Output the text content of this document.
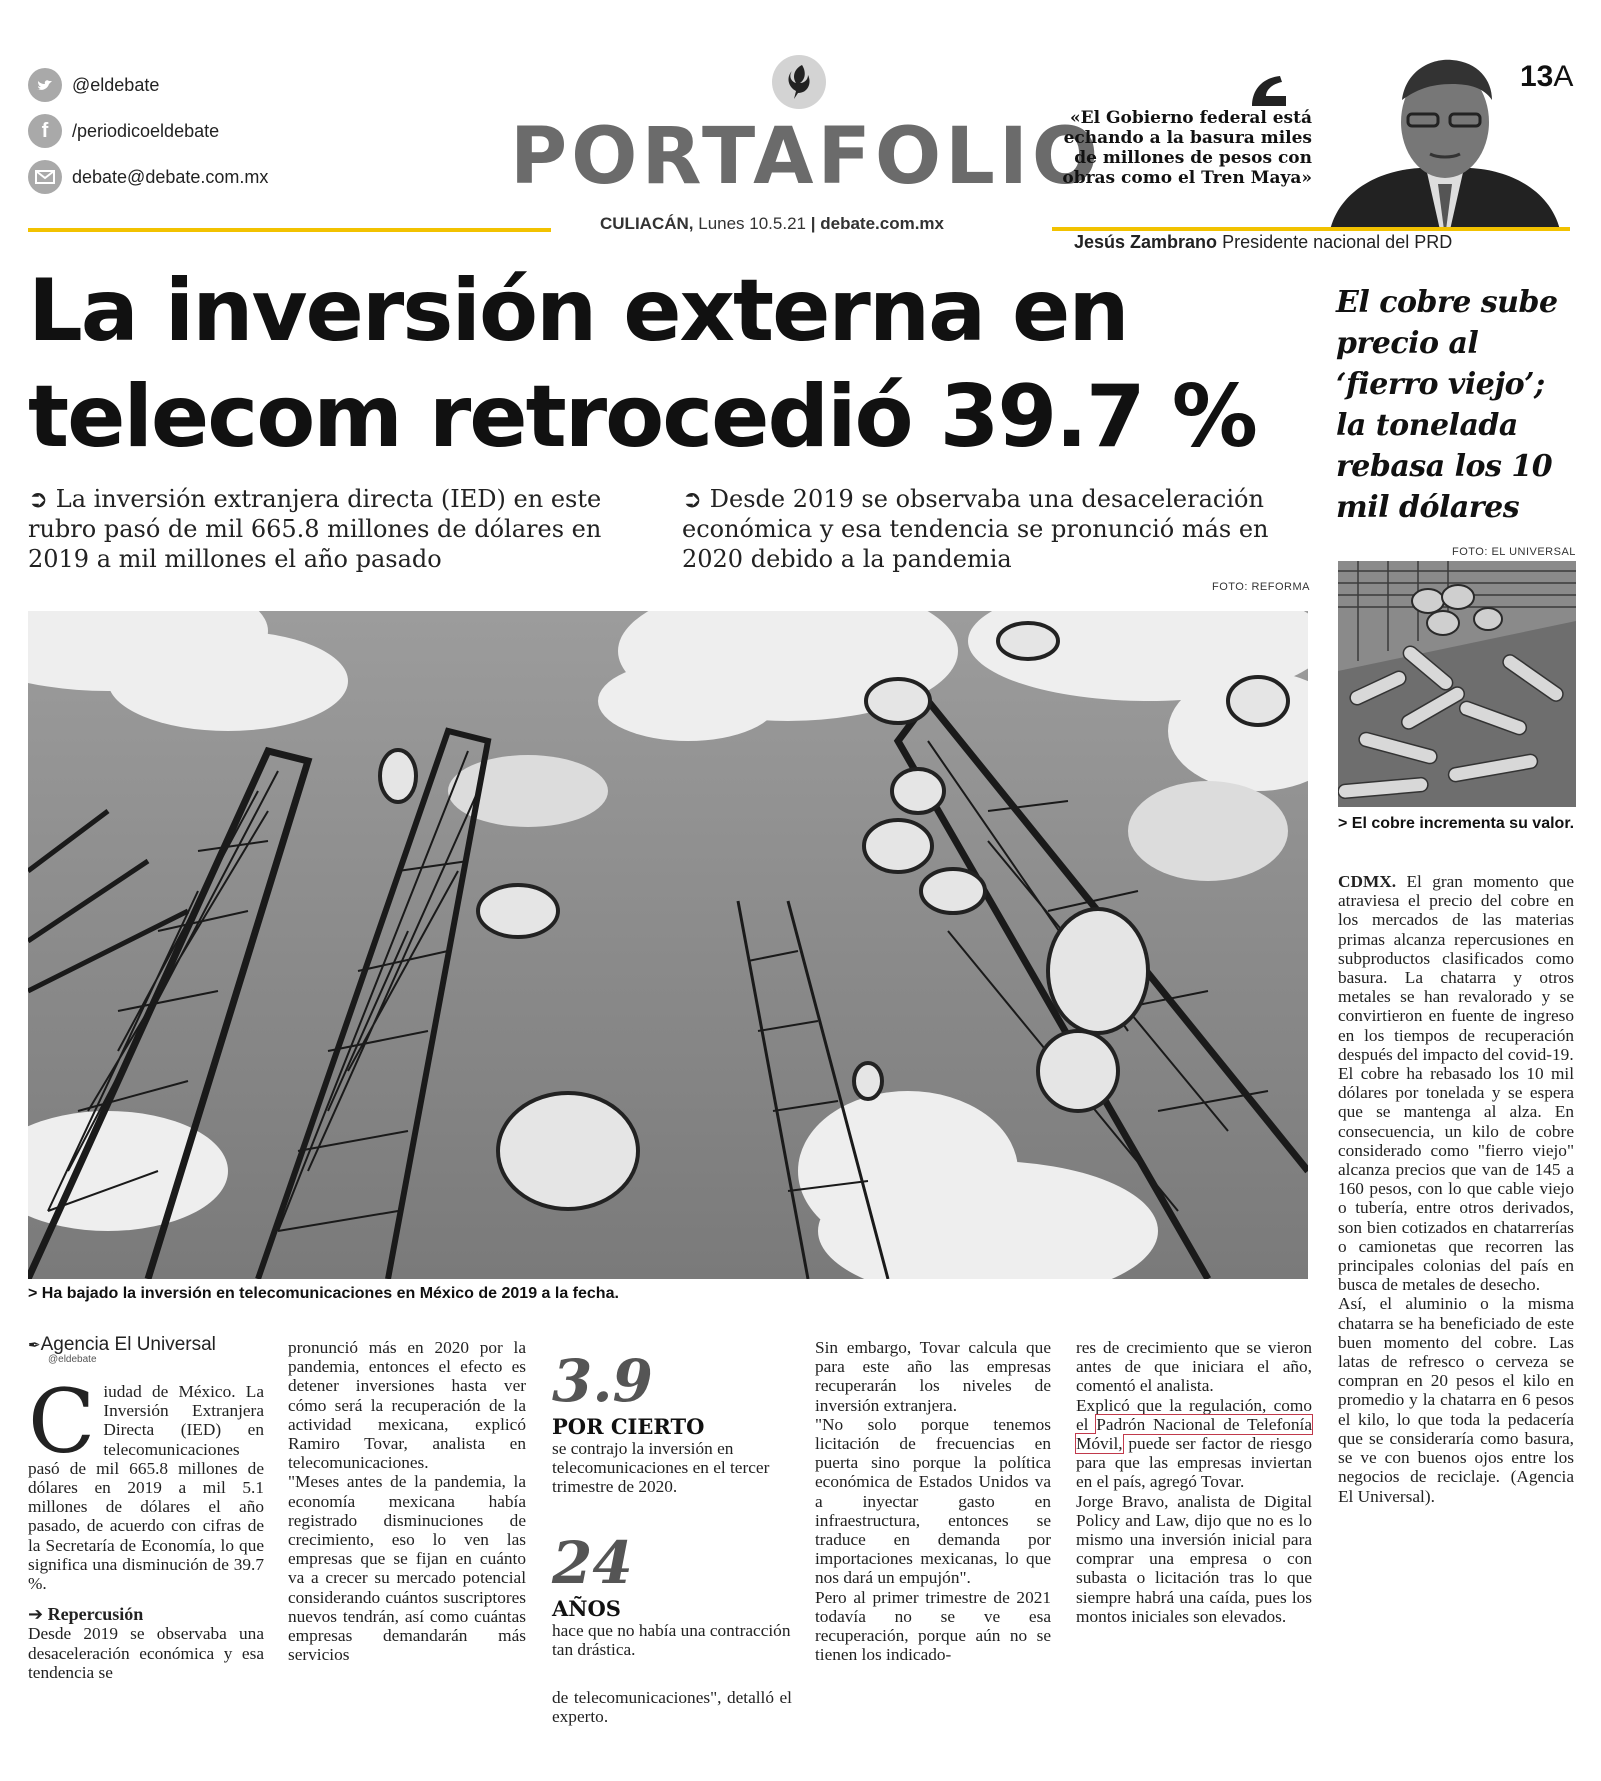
@eldebate
f /periodicoeldebate
debate@debate.com.mx	PORTAFOLIO
CULIACÁN, Lunes 10.5.21 | debate.com.mx
«El Gobierno federal está echando a la basura miles de millones de pesos con obras como el Tren Maya»
13A
Jesús Zambrano Presidente nacional del PRD
La inversión externa en
telecom retrocedió 39.7 %
➲ La inversión extranjera directa (IED) en este rubro pasó de mil 665.8 millones de dólares en 2019 a mil millones el año pasado
➲ Desde 2019 se observaba una desaceleración económica y esa tendencia se pronunció más en 2020 debido a la pandemia
FOTO: REFORMA
> Ha bajado la inversión en telecomunicaciones en México de 2019 a la fecha.
✒Agencia El Universal
@eldebate

Ciudad de México. La Inversión Extranjera Directa (IED) en telecomunicaciones pasó de mil 665.8 millones de dólares en 2019 a mil 5.1 millones de dólares el año pasado, de acuerdo con cifras de la Secretaría de Economía, lo que significa una disminución de 39.7 %.

➔ Repercusión

Desde 2019 se observaba una desaceleración económica y esa tendencia se

pronunció más en 2020 por la pandemia, entonces el efecto es detener inversiones hasta ver cómo será la recuperación de la actividad mexicana, explicó Ramiro Tovar, analista en telecomunicaciones.

"Meses antes de la pandemia, la economía mexicana había registrado disminuciones de crecimiento, eso lo ven las empresas que se fijan en cuánto va a crecer su mercado potencial considerando cuántos suscriptores nuevos tendrán, así como cuántas empresas demandarán más servicios

3.9
POR CIERTO
se contrajo la inversión en telecomunicaciones en el tercer trimestre de 2020.
24
AÑOS
hace que no había una contracción tan drástica.
de telecomunicaciones", detalló el experto.

Sin embargo, Tovar calcula que para este año las empresas recuperarán los niveles de inversión extranjera.

"No solo porque tenemos licitación de frecuencias en puerta sino porque la política económica de Estados Unidos va a inyectar gasto en infraestructura, entonces se traduce en demanda por importaciones mexicanas, lo que nos dará un empujón".

Pero al primer trimestre de 2021 todavía no se ve esa recuperación, porque aún no se tienen los indicado-

res de crecimiento que se vieron antes de que iniciara el año, comentó el analista.

Explicó que la regulación, como el Padrón Nacional de Telefonía Móvil, puede ser factor de riesgo para que las empresas inviertan en el país, agregó Tovar.

Jorge Bravo, analista de Digital Policy and Law, dijo que no es lo mismo una inversión inicial para comprar una empresa o con subasta o licitación tras lo que siempre habrá una caída, pues los montos iniciales son elevados.

El cobre sube precio al ‘fierro viejo’; la tonelada rebasa los 10 mil dólares
FOTO: EL UNIVERSAL
> El cobre incrementa su valor.

CDMX. El gran momento que atraviesa el precio del cobre en los mercados de las materias primas alcanza repercusiones en subproductos clasificados como basura. La chatarra y otros metales se han revalorado y se convirtieron en fuente de ingreso en los tiempos de recuperación después del impacto del covid-19.

El cobre ha rebasado los 10 mil dólares por tonelada y se espera que se mantenga al alza. En consecuencia, un kilo de cobre considerado como "fierro viejo" alcanza precios que van de 145 a 160 pesos, con lo que cable viejo o tubería, entre otros derivados, son bien cotizados en chatarrerías o camionetas que recorren las principales colonias del país en busca de metales de desecho.

Así, el aluminio o la misma chatarra se ha beneficiado de este buen momento del cobre. Las latas de refresco o cerveza se compran en 20 pesos el kilo en promedio y la chatarra en 6 pesos el kilo, lo que toda la pedacería que se consideraría como basura, se ve con buenos ojos entre los negocios de reciclaje. (Agencia El Universal).
